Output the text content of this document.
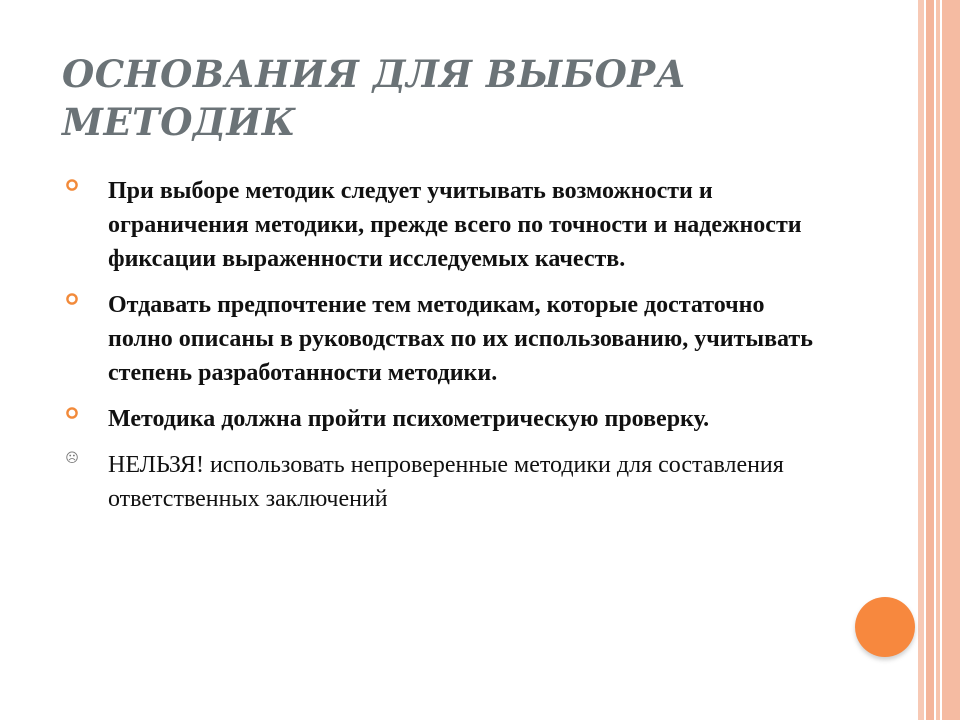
ОСНОВАНИЯ ДЛЯ ВЫБОРА МЕТОДИК
При выборе методик следует учитывать возможности и ограничения методики, прежде всего по точности и надежности фиксации выраженности исследуемых качеств.
Отдавать предпочтение тем методикам, которые достаточно полно описаны в руководствах по их использованию, учитывать степень разработанности методики.
Методика должна пройти психометрическую проверку.
☹ НЕЛЬЗЯ! использовать непроверенные методики для составления ответственных заключений
